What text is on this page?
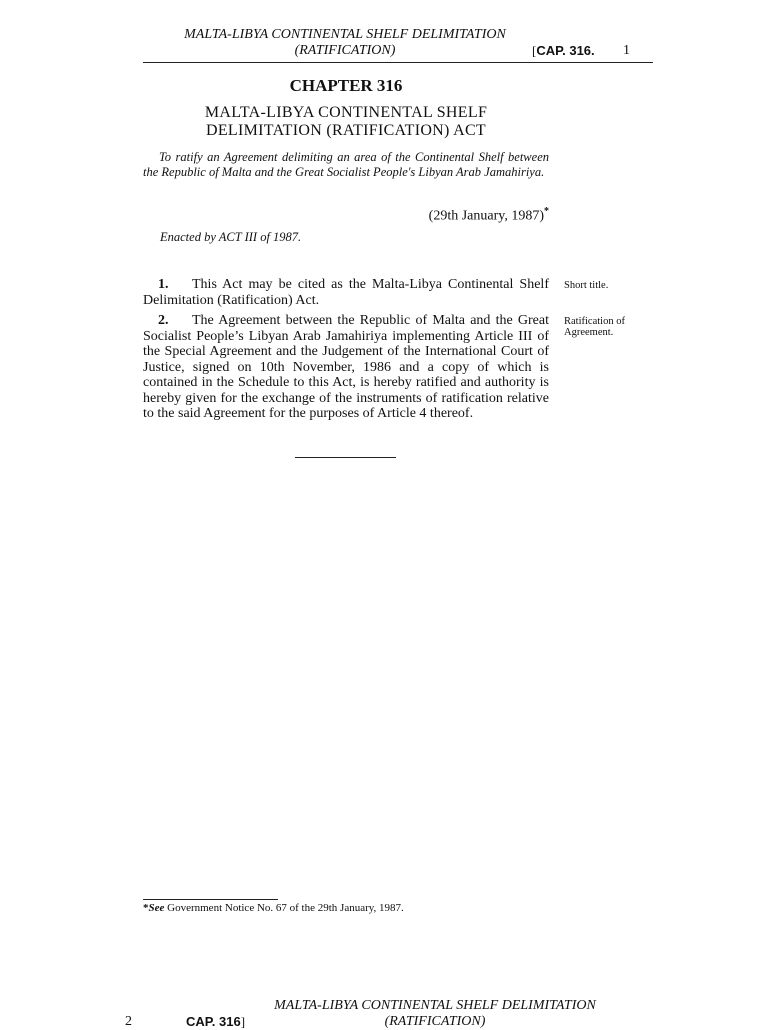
MALTA-LIBYA CONTINENTAL SHELF DELIMITATION
(RATIFICATION)	[CAP. 316. 1
CHAPTER 316
MALTA-LIBYA CONTINENTAL SHELF
DELIMITATION (RATIFICATION) ACT
To ratify an Agreement delimiting an area of the Continental Shelf between the Republic of Malta and the Great Socialist People's Libyan Arab Jamahiriya.
(29th January, 1987)*
Enacted by ACT III of 1987.
1. This Act may be cited as the Malta-Libya Continental Shelf Delimitation (Ratification) Act.
Short title.
2. The Agreement between the Republic of Malta and the Great Socialist People’s Libyan Arab Jamahiriya implementing Article III of the Special Agreement and the Judgement of the International Court of Justice, signed on 10th November, 1986 and a copy of which is contained in the Schedule to this Act, is hereby ratified and authority is hereby given for the exchange of the instruments of ratification relative to the said Agreement for the purposes of Article 4 thereof.
Ratification of Agreement.
*See Government Notice No. 67 of the 29th January, 1987.
2	CAP. 316]
MALTA-LIBYA CONTINENTAL SHELF DELIMITATION
(RATIFICATION)
